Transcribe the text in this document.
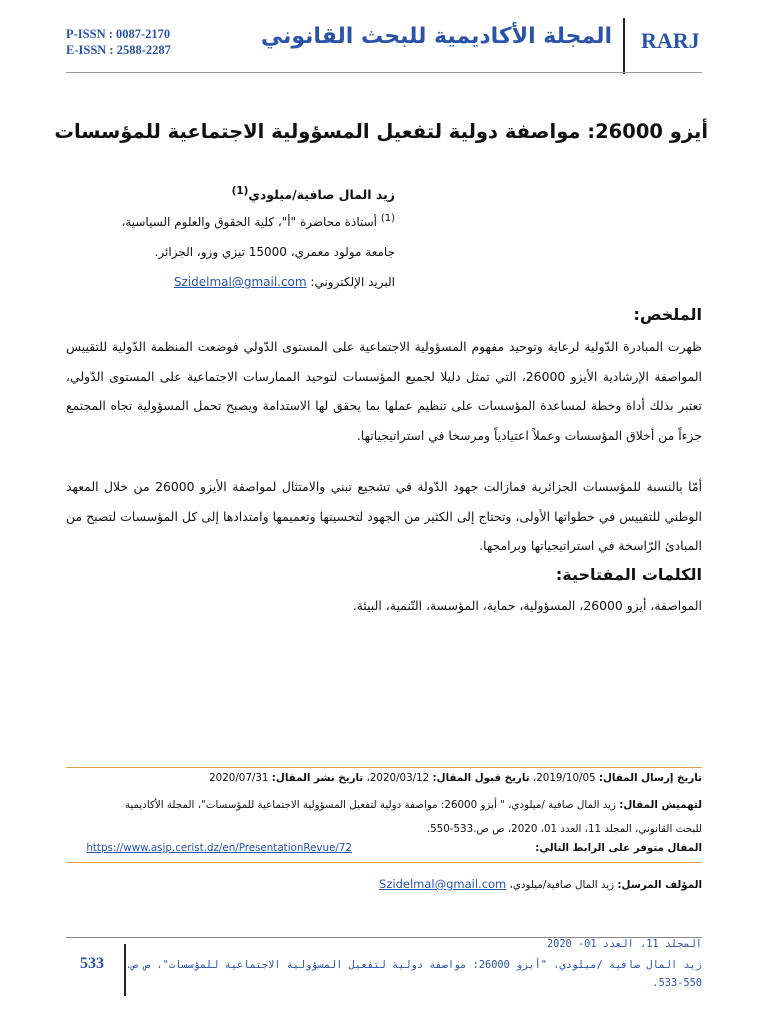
P-ISSN : 0087-2170
E-ISSN : 2588-2287
المجلة الأكاديمية للبحث القانوني RARJ
أيزو 26000: مواصفة دولية لتفعيل المسؤولية الاجتماعية للمؤسسات
زيد المال صافية/ميلودي$^{(1)}$
$^{(1)}$ أستاذة محاضرة "أ"، كلية الحقوق والعلوم السياسية،
جامعة مولود معمري، 15000 تيزي وزو، الجزائر.
البريد الإلكتروني: Szidelmal@gmail.com
الملخص:
ظهرت المبادرة الدّولية لرعاية وتوحيد مفهوم المسؤولية الاجتماعية على المستوى الدّولي فوضعت المنظمة الدّولية للتقييس المواصفة الإرشادية الأيزو 26000، التي تمثل دليلا لجميع المؤسسات لتوحيد الممارسات الاجتماعية على المستوى الدّولي، تعتبر بذلك أداة وخطة لمساعدة المؤسسات على تنظيم عملها بما يحقق لها الاستدامة ويصبح تحمل المسؤولية تجاه المجتمع جزءاً من أخلاق المؤسسات وعملاً اعتيادياً ومرسخا في استراتيجياتها.
أمّا بالنسبة للمؤسسات الجزائرية فمازالت جهود الدّولة في تشجيع تبني والامتثال لمواصفة الأيزو 26000 من خلال المعهد الوطني للتقييس في خطواتها الأولى، وتحتاج إلى الكثير من الجهود لتحسينها وتعميمها وامتدادها إلى كل المؤسسات لتصبح من المبادئ الرّاسخة في استراتيجياتها وبرامجها.
الكلمات المفتاحية:
المواصفة، أيزو 26000، المسؤولية، حماية، المؤسسة، التّنمية، البيئة.
تاريخ إرسال المقال: 2019/10/05، تاريخ قبول المقال: 2020/03/12، تاريخ نشر المقال: 2020/07/31
لتهميش المقال: زيد المال صافية /ميلودي، " أيزو 26000: مواصفة دولية لتفعيل المسؤولية الاجتماعية للمؤسسات"، المجلة الأكاديمية
للبحث القانوني، المجلد 11، العدد 01، 2020، ص ص.533-550.
المقال متوفر على الرابط التالي: https://www.asjp.cerist.dz/en/PresentationRevue/72
المؤلف المرسل: زيد المال صافية/ميلودي، Szidelmal@gmail.com
533
المجلد 11، العدد 01- 2020
زيد المال صافية /ميلودي، "أيزو 26000: مواصفة دولية لتفعيل المسؤولية الاجتماعية للمؤسسات"، ص ص.
533-550.
